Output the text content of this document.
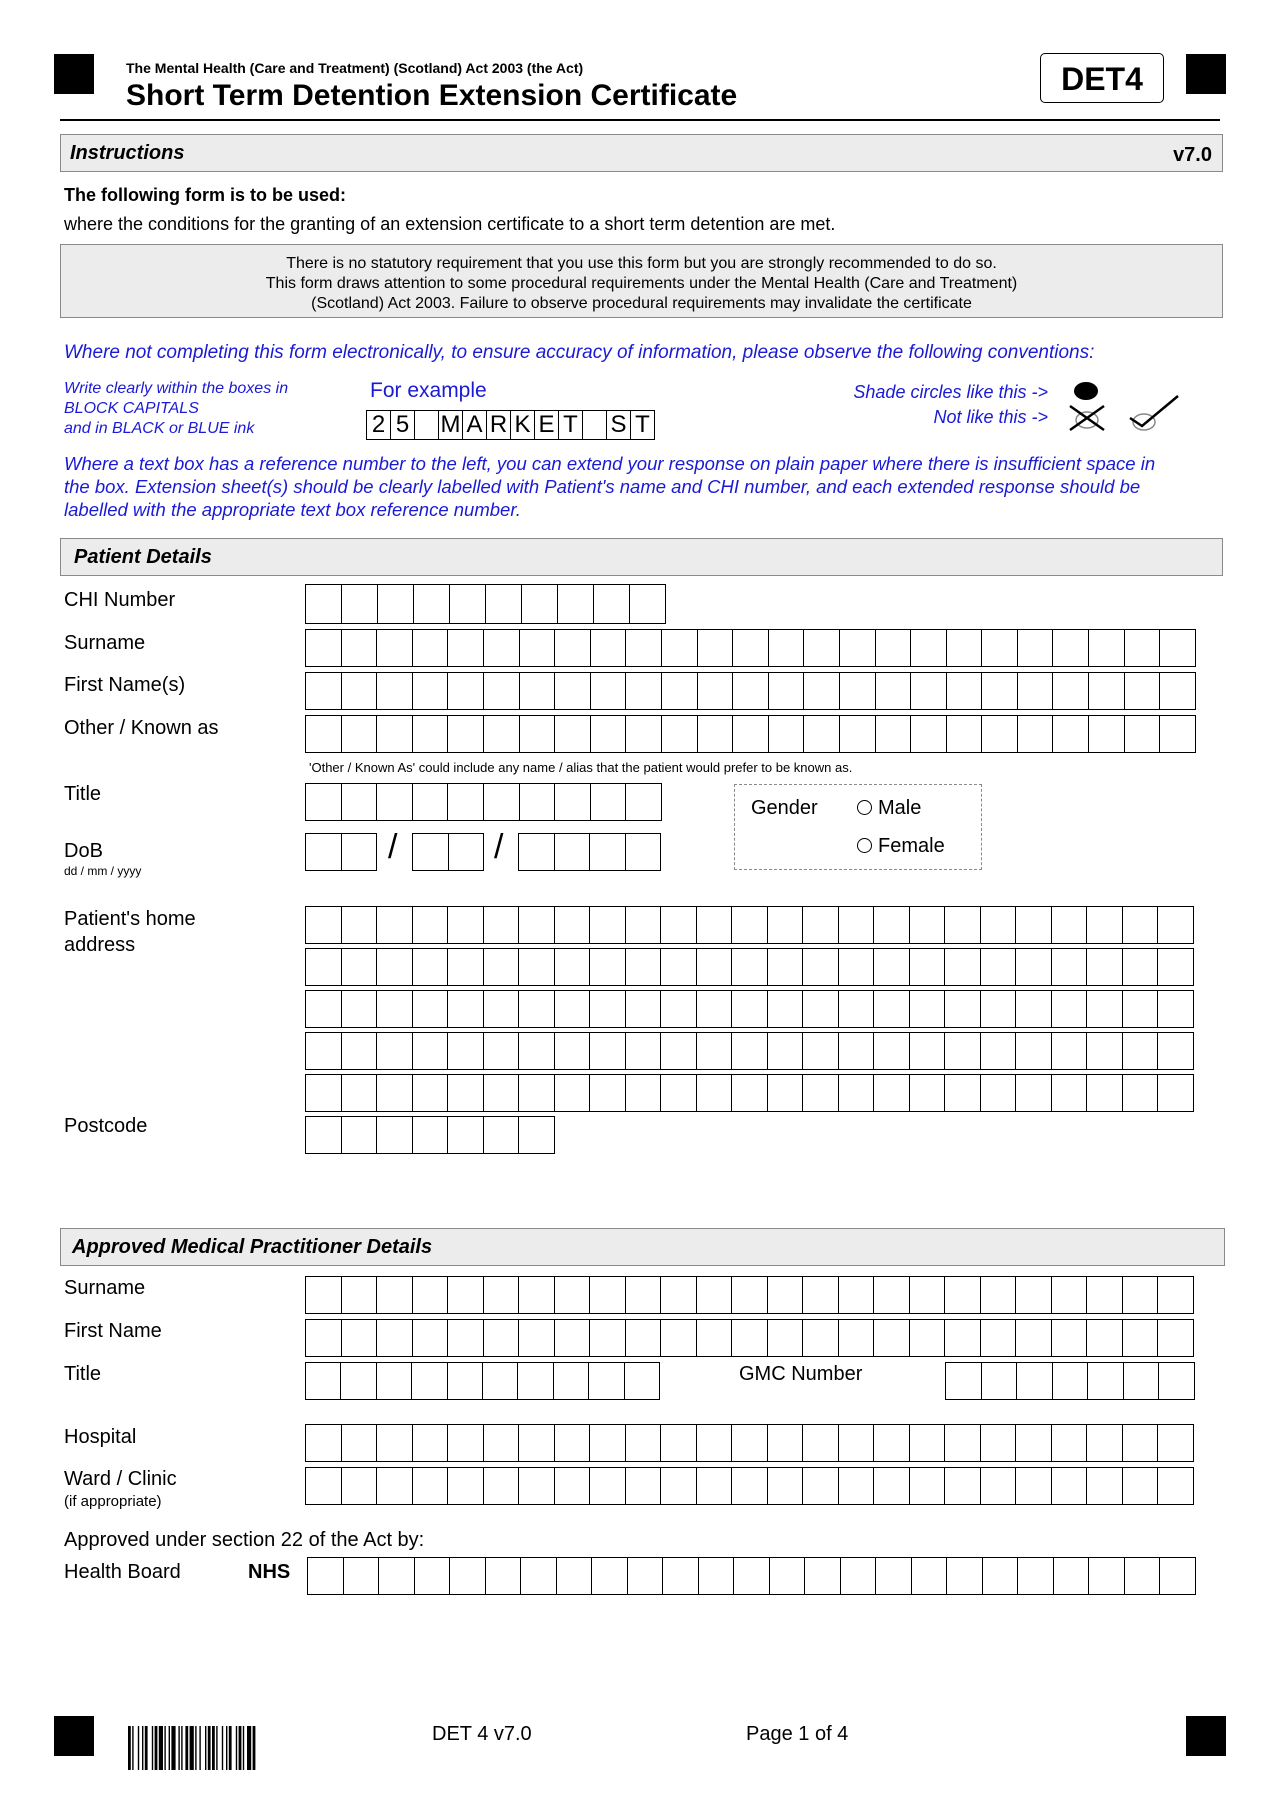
The Mental Health (Care and Treatment) (Scotland) Act 2003 (the Act)
Short Term Detention Extension Certificate	DET4
Instructions	v7.0
The following form is to be used:
where the conditions for the granting of an extension certificate to a short term detention are met.
There is no statutory requirement that you use this form but you are strongly recommended to do so.
This form draws attention to some procedural requirements under the Mental Health (Care and Treatment)
(Scotland) Act 2003. Failure to observe procedural requirements may invalidate the certificate
Where not completing this form electronically, to ensure accuracy of information, please observe the following conventions:
Write clearly within the boxes in
BLOCK CAPITALS
and in BLACK or BLUE ink
For example
2 5 M A R K E T S T
Shade circles like this ->
Not like this ->
Where a text box has a reference number to the left, you can extend your response on plain paper where there is insufficient space in
the box. Extension sheet(s) should be clearly labelled with Patient's name and CHI number, and each extended response should be
labelled with the appropriate text box reference number.
Patient Details
CHI Number
Surname
First Name(s)
Other / Known as
'Other / Known As' could include any name / alias that the patient would prefer to be known as.
Title
DoB
dd / mm / yyyy
/	/
Gender	Male
Female
Patient's home
address
Postcode
Approved Medical Practitioner Details
Surname
First Name
Title	GMC Number
Hospital
Ward / Clinic
(if appropriate)
Approved under section 22 of the Act by:
Health Board	NHS
DET 4 v7.0	Page 1 of 4
